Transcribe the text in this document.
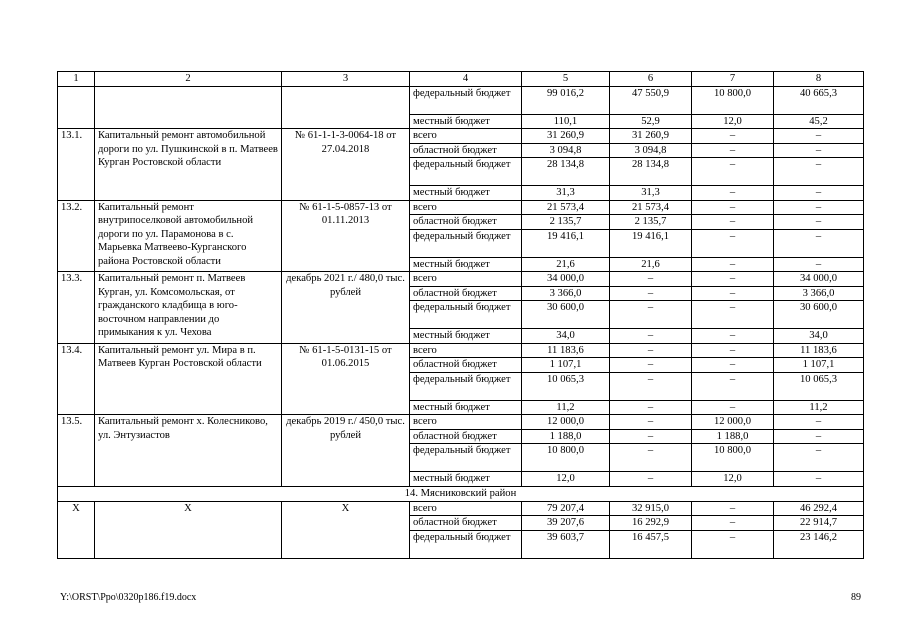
1	2	3	4	5	6	7	8
			федеральный бюджет	99 016,2	47 550,9	10 800,0	40 665,3
			местный бюджет	110,1	52,9	12,0	45,2
13.1.	Капитальный ремонт автомобильной дороги по ул. Пушкинской в п. Матвеев Курган Ростовской области	№ 61-1-1-3-0064-18 от 27.04.2018	всего	31 260,9	31 260,9	–	–
			областной бюджет	3 094,8	3 094,8	–	–
			федеральный бюджет	28 134,8	28 134,8	–	–
			местный бюджет	31,3	31,3	–	–
13.2.	Капитальный ремонт внутрипоселковой автомобильной дороги по ул. Парамонова в с. Марьевка Матвеево-Курганского района Ростовской области	№ 61-1-5-0857-13 от 01.11.2013	всего	21 573,4	21 573,4	–	–
			областной бюджет	2 135,7	2 135,7	–	–
			федеральный бюджет	19 416,1	19 416,1	–	–
			местный бюджет	21,6	21,6	–	–
13.3.	Капитальный ремонт п. Матвеев Курган, ул. Комсомольская, от гражданского кладбища в юго-восточном направлении до примыкания к ул. Чехова	декабрь 2021 г./ 480,0 тыс. рублей	всего	34 000,0	–	–	34 000,0
			областной бюджет	3 366,0	–	–	3 366,0
			федеральный бюджет	30 600,0	–	–	30 600,0
			местный бюджет	34,0	–	–	34,0
13.4.	Капитальный ремонт ул. Мира в п. Матвеев Курган Ростовской области	№ 61-1-5-0131-15 от 01.06.2015	всего	11 183,6	–	–	11 183,6
			областной бюджет	1 107,1	–	–	1 107,1
			федеральный бюджет	10 065,3	–	–	10 065,3
			местный бюджет	11,2	–	–	11,2
13.5.	Капитальный ремонт х. Колесниково, ул. Энтузиастов	декабрь 2019 г./ 450,0 тыс. рублей	всего	12 000,0	–	12 000,0	–
			областной бюджет	1 188,0	–	1 188,0	–
			федеральный бюджет	10 800,0	–	10 800,0	–
			местный бюджет	12,0	–	12,0	–
14. Мясниковский район							
Х	Х	Х	всего	79 207,4	32 915,0	–	46 292,4
			областной бюджет	39 207,6	16 292,9	–	22 914,7
			федеральный бюджет	39 603,7	16 457,5	–	23 146,2
Y:\ORST\Ppo\0320p186.f19.docx	89
